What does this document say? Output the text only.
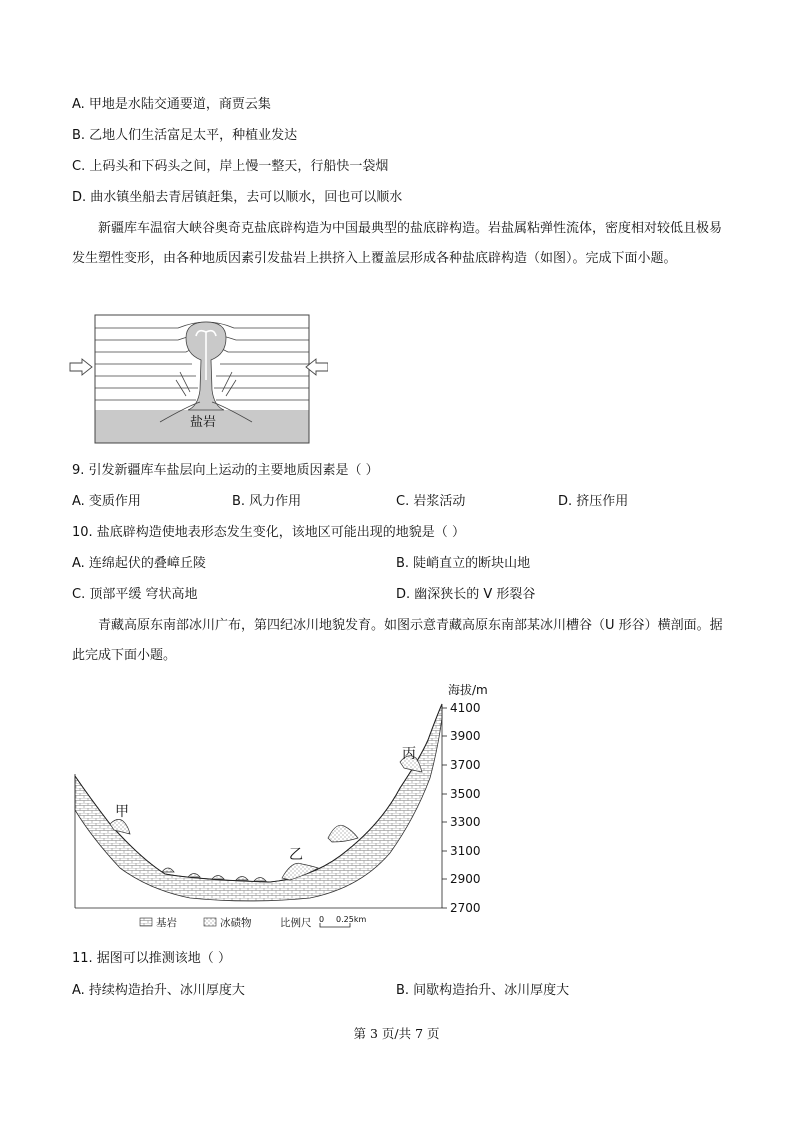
A. 甲地是水陆交通要道，商贾云集
B. 乙地人们生活富足太平，种植业发达
C. 上码头和下码头之间，岸上慢一整天，行船快一袋烟
D. 曲水镇坐船去青居镇赶集，去可以顺水，回也可以顺水
新疆库车温宿大峡谷奥奇克盐底辟构造为中国最典型的盐底辟构造。岩盐属粘弹性流体，密度相对较低且极易发生塑性变形，由各种地质因素引发盐岩上拱挤入上覆盖层形成各种盐底辟构造（如图）。完成下面小题。
盐岩
9. 引发新疆库车盐层向上运动的主要地质因素是（ ）
A. 变质作用	B. 风力作用	C. 岩浆活动	D. 挤压作用
10. 盐底辟构造使地表形态发生变化，该地区可能出现的地貌是（ ）
A. 连绵起伏的叠嶂丘陵	B. 陡峭直立的断块山地
C. 顶部平缓 穹状高地	D. 幽深狭长的 V 形裂谷
青藏高原东南部冰川广布，第四纪冰川地貌发育。如图示意青藏高原东南部某冰川槽谷（U 形谷）横剖面。据此完成下面小题。
甲
乙
丙
海拔/m
4100
3900
3700
3500
3300
3100
2900
2700
基岩	冰碛物	比例尺 0 0.25km
11. 据图可以推测该地（ ）
A. 持续构造抬升、冰川厚度大	B. 间歇构造抬升、冰川厚度大
第 3 页/共 7 页
